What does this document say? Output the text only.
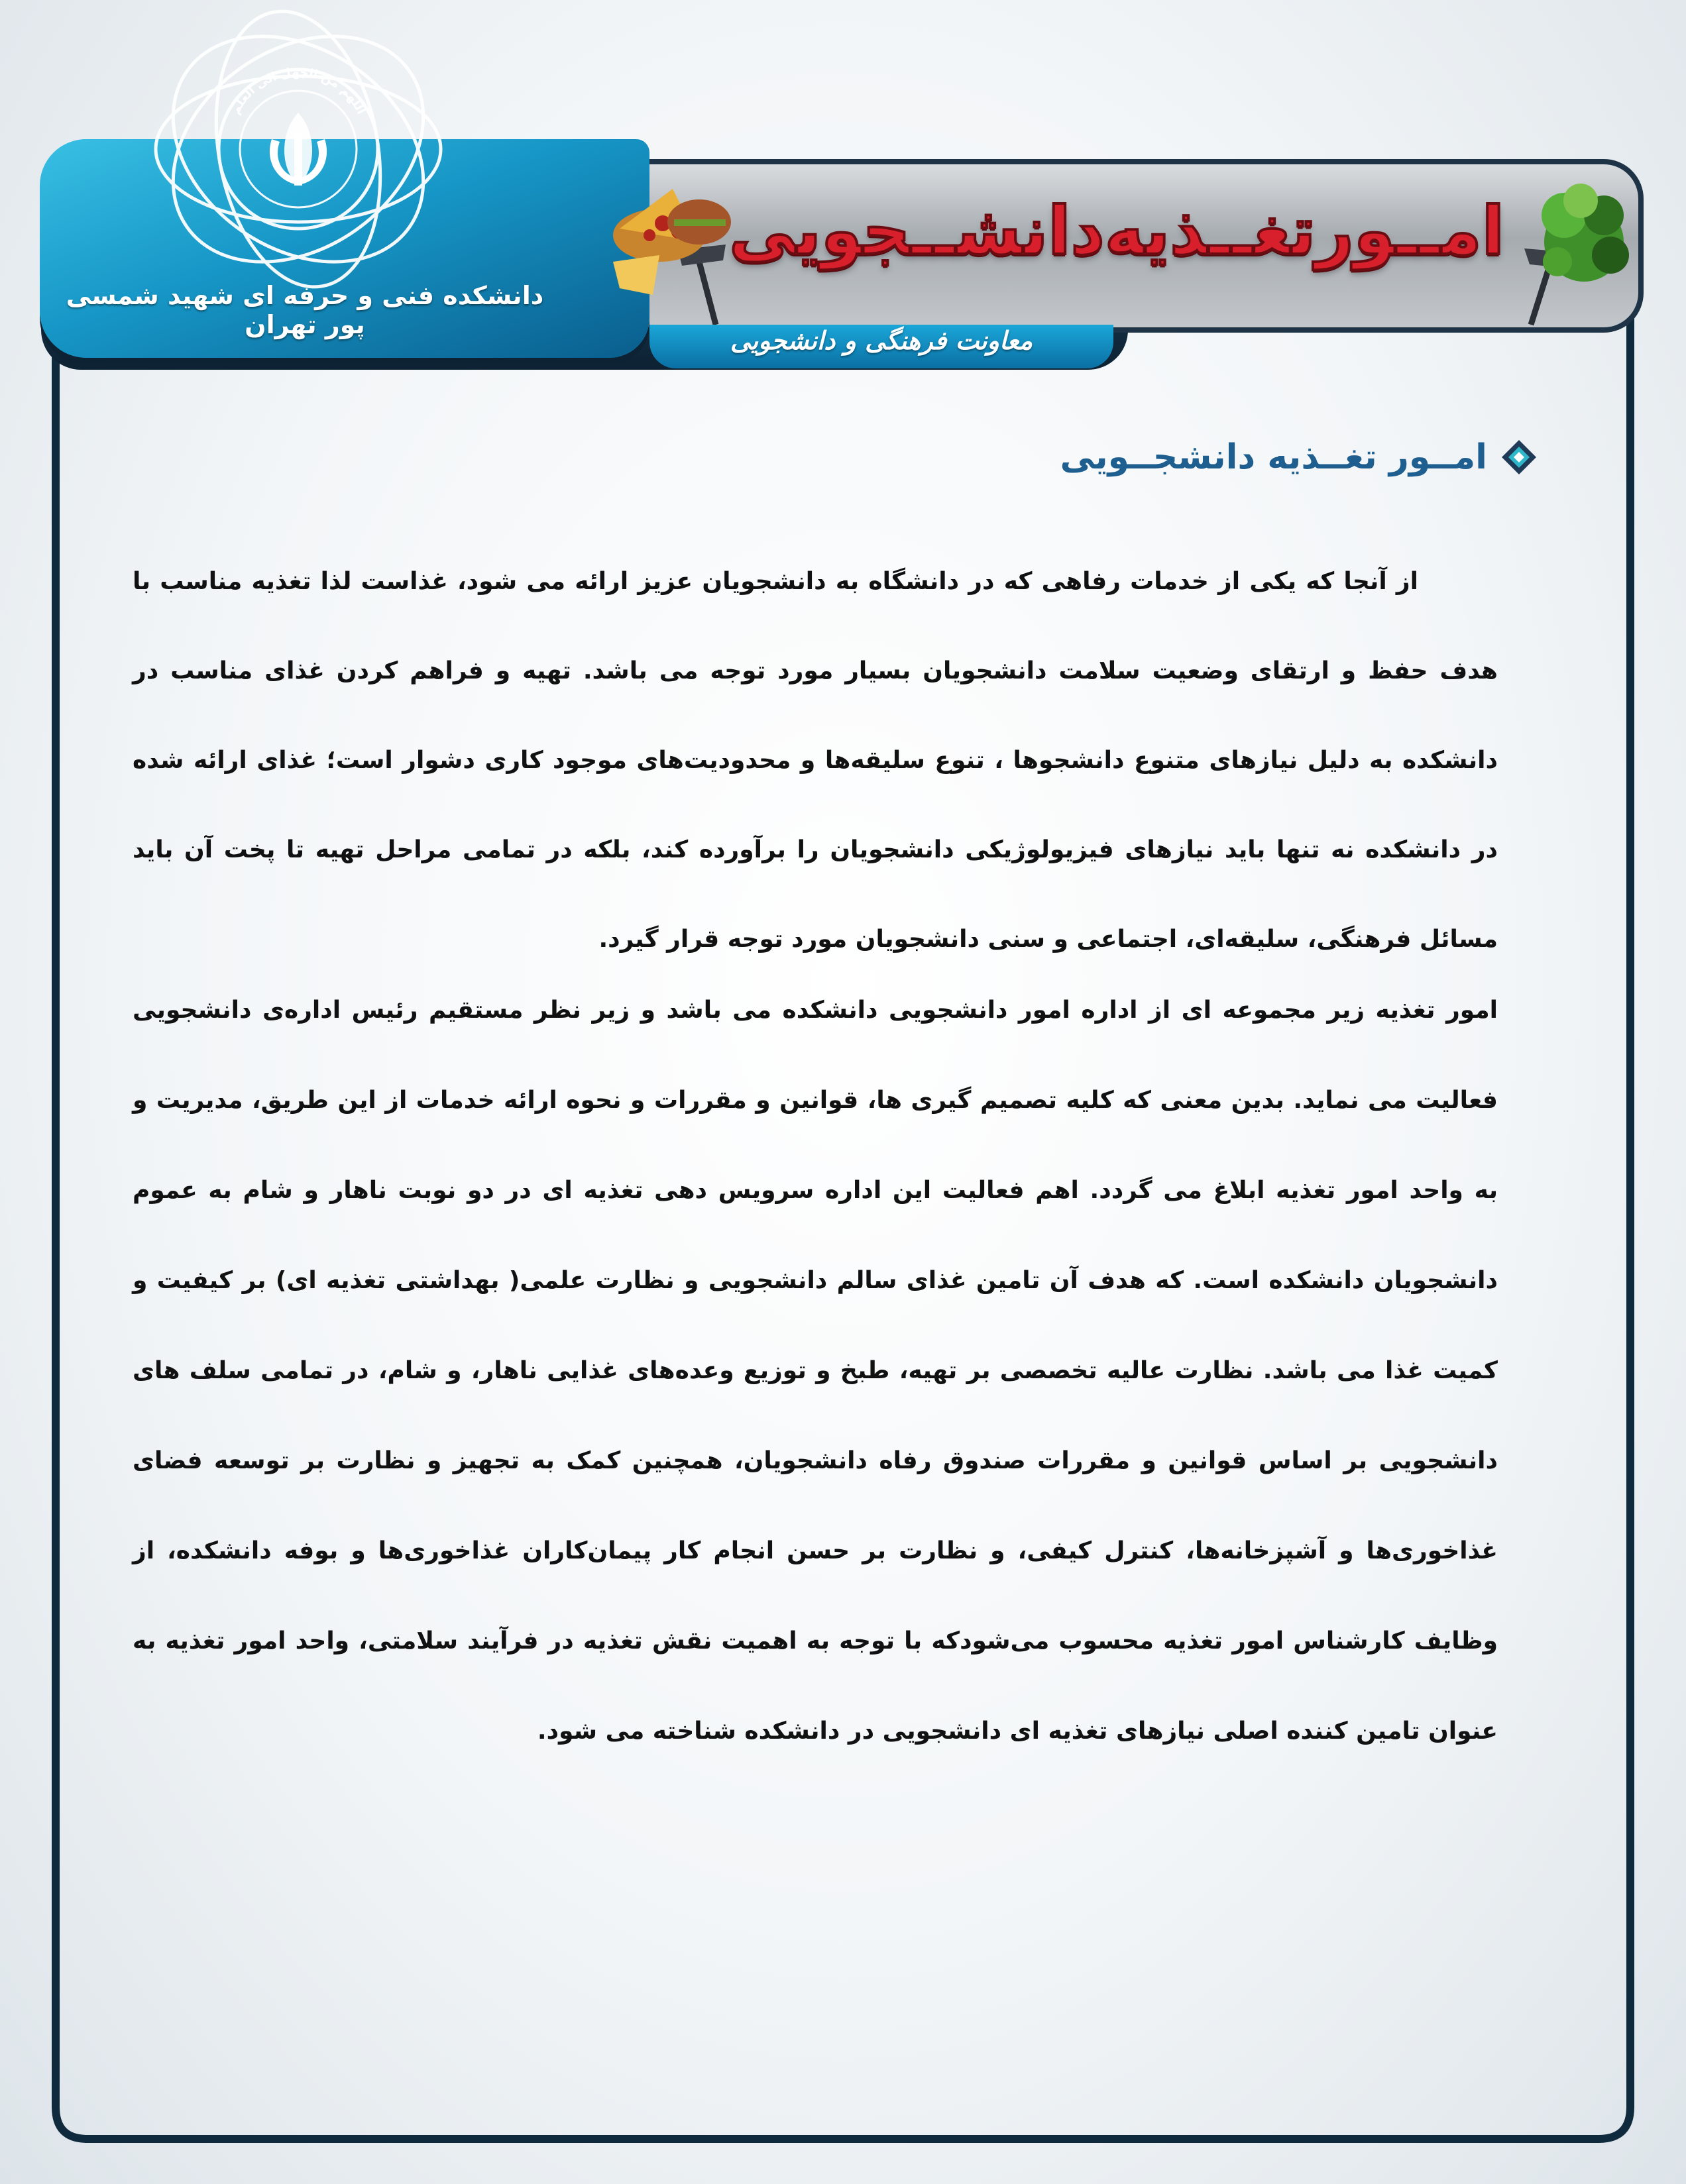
اللهم من الجهل الی العلم
دانشکده فنی و حرفه ای شهید شمسی پور تهران
امــورتغــذیه‌دانشــجویی
معاونت فرهنگی و دانشجویی
امــور تغــذیه دانشجــویی

از آنجا که یکی از خدمات رفاهی که در دانشگاه به دانشجویان عزیز ارائه می شود، غذاست لذا تغذیه مناسب با هدف حفظ و ارتقای وضعیت سلامت دانشجویان بسیار مورد توجه می باشد. تهیه و فراهم کردن غذای مناسب در دانشکده به دلیل نیازهای متنوع دانشجوها ، تنوع سلیقه‌ها و محدودیت‌های موجود کاری دشوار است؛ غذای ارائه شده در دانشکده نه تنها باید نیازهای فیزیولوژیکی دانشجویان را برآورده کند، بلکه در تمامی مراحل تهیه تا پخت آن باید مسائل فرهنگی، سلیقه‌ای، اجتماعی و سنی دانشجویان مورد توجه قرار گیرد.

امور تغذیه زیر مجموعه ای از اداره امور دانشجویی دانشکده می باشد و زیر نظر مستقیم رئیس اداره‌ی دانشجویی فعالیت می نماید. بدین معنی که کلیه تصمیم گیری ها، قوانین و مقررات و نحوه ارائه خدمات از این طریق، مدیریت و به واحد امور تغذیه ابلاغ می گردد. اهم فعالیت این اداره سرویس دهی تغذیه ای در دو نوبت ناهار و شام به عموم دانشجویان دانشکده است. که هدف آن تامین غذای سالم دانشجویی و نظارت علمی( بهداشتی تغذیه ای) بر کیفیت و کمیت غذا می باشد. نظارت عالیه تخصصی بر تهیه، طبخ و توزیع وعده‌های غذایی ناهار، و شام، در تمامی سلف های دانشجویی بر اساس قوانین و مقررات صندوق رفاه دانشجویان، همچنین کمک به تجهیز و نظارت بر توسعه فضای غذاخوری‌ها و آشپزخانه‌ها، کنترل کیفی، و نظارت بر حسن انجام کار پیمان‌کاران غذاخوری‌ها و بوفه دانشکده، از وظایف کارشناس امور تغذیه محسوب می‌شودکه با توجه به اهمیت نقش تغذیه در فرآیند سلامتی، واحد امور تغذیه به عنوان تامین کننده اصلی نیازهای تغذیه ای دانشجویی در دانشکده شناخته می شود.
